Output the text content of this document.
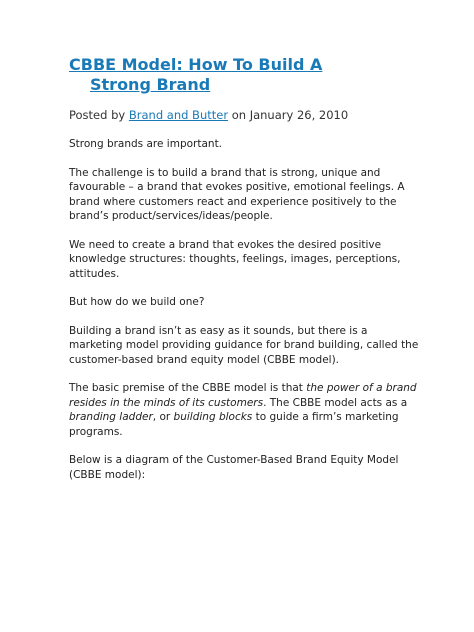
CBBE Model: How To Build A
Strong Brand

Posted by Brand and Butter on January 26, 2010

Strong brands are important.

The challenge is to build a brand that is strong, unique and favourable – a brand that evokes positive, emotional feelings. A brand where customers react and experience positively to the brand’s product/services/ideas/people.

We need to create a brand that evokes the desired positive knowledge structures: thoughts, feelings, images, perceptions, attitudes.

But how do we build one?

Building a brand isn’t as easy as it sounds, but there is a marketing model providing guidance for brand building, called the customer-based brand equity model (CBBE model).

The basic premise of the CBBE model is that the power of a brand resides in the minds of its customers. The CBBE model acts as a branding ladder, or building blocks to guide a firm’s marketing programs.

Below is a diagram of the Customer-Based Brand Equity Model (CBBE model):
